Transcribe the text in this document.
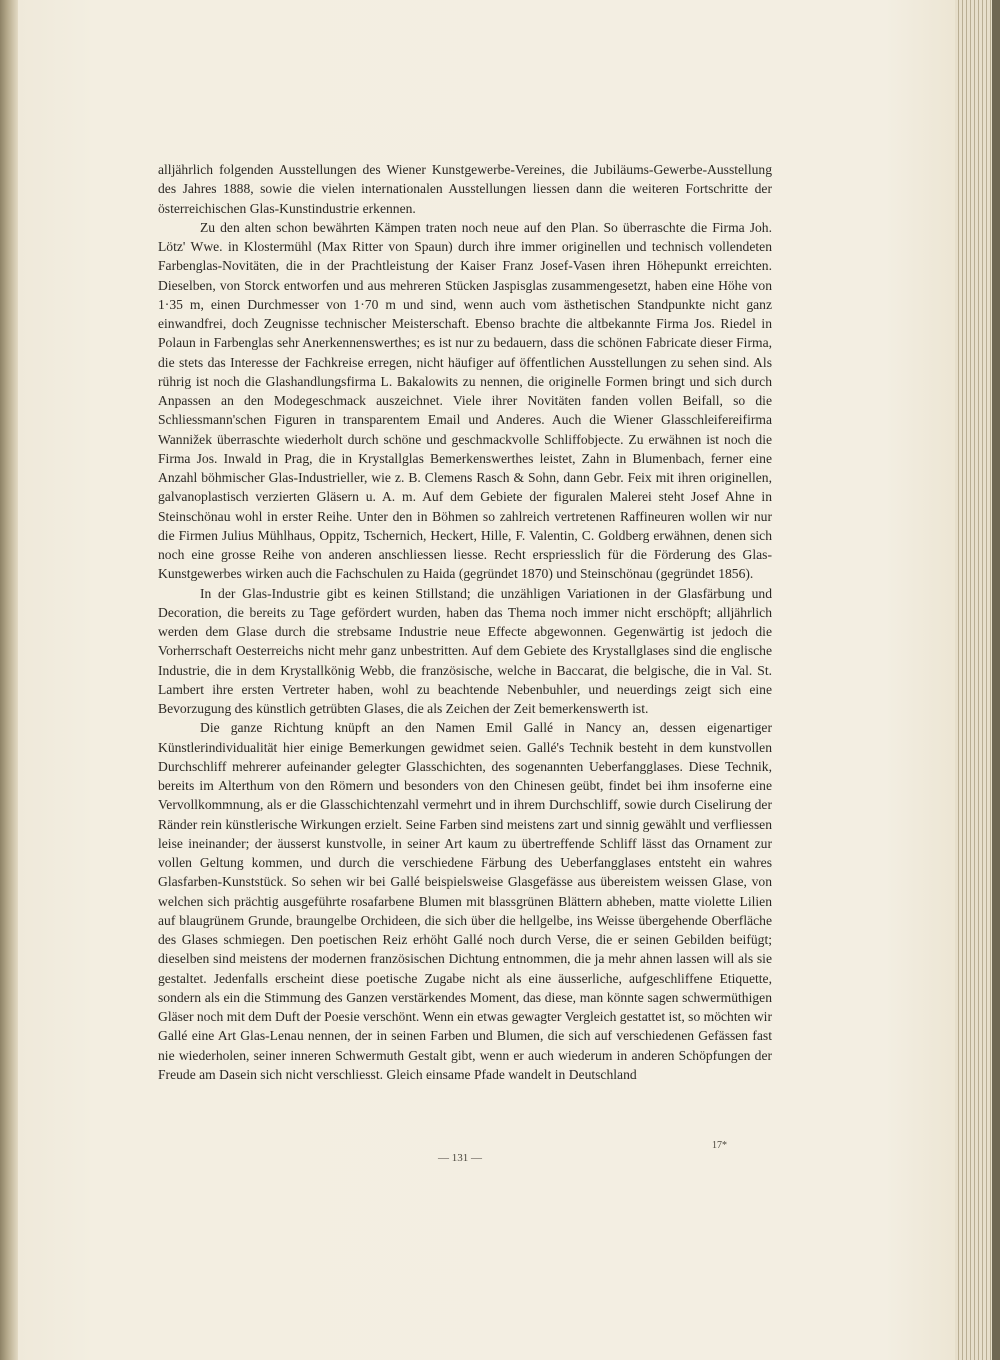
alljährlich folgenden Ausstellungen des Wiener Kunstgewerbe-Vereines, die Jubiläums-Gewerbe-Ausstellung des Jahres 1888, sowie die vielen internationalen Ausstellungen liessen dann die weiteren Fortschritte der österreichischen Glas-Kunstindustrie erkennen.

Zu den alten schon bewährten Kämpen traten noch neue auf den Plan. So überraschte die Firma Joh. Lötz' Wwe. in Klostermühl (Max Ritter von Spaun) durch ihre immer originellen und technisch vollendeten Farbenglas-Novitäten, die in der Prachtleistung der Kaiser Franz Josef-Vasen ihren Höhepunkt erreichten. Dieselben, von Storck entworfen und aus mehreren Stücken Jaspisglas zusammengesetzt, haben eine Höhe von 1·35 m, einen Durchmesser von 1·70 m und sind, wenn auch vom ästhetischen Standpunkte nicht ganz einwandfrei, doch Zeugnisse technischer Meisterschaft. Ebenso brachte die altbekannte Firma Jos. Riedel in Polaun in Farbenglas sehr Anerkennenswerthes; es ist nur zu bedauern, dass die schönen Fabricate dieser Firma, die stets das Interesse der Fachkreise erregen, nicht häufiger auf öffentlichen Ausstellungen zu sehen sind. Als rührig ist noch die Glashandlungsfirma L. Bakalowits zu nennen, die originelle Formen bringt und sich durch Anpassen an den Modegeschmack auszeichnet. Viele ihrer Novitäten fanden vollen Beifall, so die Schliessmann'schen Figuren in transparentem Email und Anderes. Auch die Wiener Glasschleifereifirma Wannižek überraschte wiederholt durch schöne und geschmackvolle Schliffobjecte. Zu erwähnen ist noch die Firma Jos. Inwald in Prag, die in Krystallglas Bemerkenswerthes leistet, Zahn in Blumenbach, ferner eine Anzahl böhmischer Glas-Industrieller, wie z. B. Clemens Rasch & Sohn, dann Gebr. Feix mit ihren originellen, galvanoplastisch verzierten Gläsern u. A. m. Auf dem Gebiete der figuralen Malerei steht Josef Ahne in Steinschönau wohl in erster Reihe. Unter den in Böhmen so zahlreich vertretenen Raffineuren wollen wir nur die Firmen Julius Mühlhaus, Oppitz, Tschernich, Heckert, Hille, F. Valentin, C. Goldberg erwähnen, denen sich noch eine grosse Reihe von anderen anschliessen liesse. Recht erspriesslich für die Förderung des Glas-Kunstgewerbes wirken auch die Fachschulen zu Haida (gegründet 1870) und Steinschönau (gegründet 1856).

In der Glas-Industrie gibt es keinen Stillstand; die unzähligen Variationen in der Glasfärbung und Decoration, die bereits zu Tage gefördert wurden, haben das Thema noch immer nicht erschöpft; alljährlich werden dem Glase durch die strebsame Industrie neue Effecte abgewonnen. Gegenwärtig ist jedoch die Vorherrschaft Oesterreichs nicht mehr ganz unbestritten. Auf dem Gebiete des Krystallglases sind die englische Industrie, die in dem Krystallkönig Webb, die französische, welche in Baccarat, die belgische, die in Val. St. Lambert ihre ersten Vertreter haben, wohl zu beachtende Nebenbuhler, und neuerdings zeigt sich eine Bevorzugung des künstlich getrübten Glases, die als Zeichen der Zeit bemerkenswerth ist.

Die ganze Richtung knüpft an den Namen Emil Gallé in Nancy an, dessen eigenartiger Künstlerindividualität hier einige Bemerkungen gewidmet seien. Gallé's Technik besteht in dem kunstvollen Durchschliff mehrerer aufeinander gelegter Glasschichten, des sogenannten Ueberfangglases. Diese Technik, bereits im Alterthum von den Römern und besonders von den Chinesen geübt, findet bei ihm insoferne eine Vervollkommnung, als er die Glasschichtenzahl vermehrt und in ihrem Durchschliff, sowie durch Ciselirung der Ränder rein künstlerische Wirkungen erzielt. Seine Farben sind meistens zart und sinnig gewählt und verfliessen leise ineinander; der äusserst kunstvolle, in seiner Art kaum zu übertreffende Schliff lässt das Ornament zur vollen Geltung kommen, und durch die verschiedene Färbung des Ueberfangglases entsteht ein wahres Glasfarben-Kunststück. So sehen wir bei Gallé beispielsweise Glasgefässe aus übereistem weissen Glase, von welchen sich prächtig ausgeführte rosafarbene Blumen mit blassgrünen Blättern abheben, matte violette Lilien auf blaugrünem Grunde, braungelbe Orchideen, die sich über die hellgelbe, ins Weisse übergehende Oberfläche des Glases schmiegen. Den poetischen Reiz erhöht Gallé noch durch Verse, die er seinen Gebilden beifügt; dieselben sind meistens der modernen französischen Dichtung entnommen, die ja mehr ahnen lassen will als sie gestaltet. Jedenfalls erscheint diese poetische Zugabe nicht als eine äusserliche, aufgeschliffene Etiquette, sondern als ein die Stimmung des Ganzen verstärkendes Moment, das diese, man könnte sagen schwermüthigen Gläser noch mit dem Duft der Poesie verschönt. Wenn ein etwas gewagter Vergleich gestattet ist, so möchten wir Gallé eine Art Glas-Lenau nennen, der in seinen Farben und Blumen, die sich auf verschiedenen Gefässen fast nie wiederholen, seiner inneren Schwermuth Gestalt gibt, wenn er auch wiederum in anderen Schöpfungen der Freude am Dasein sich nicht verschliesst. Gleich einsame Pfade wandelt in Deutschland

17*
— 131 —
